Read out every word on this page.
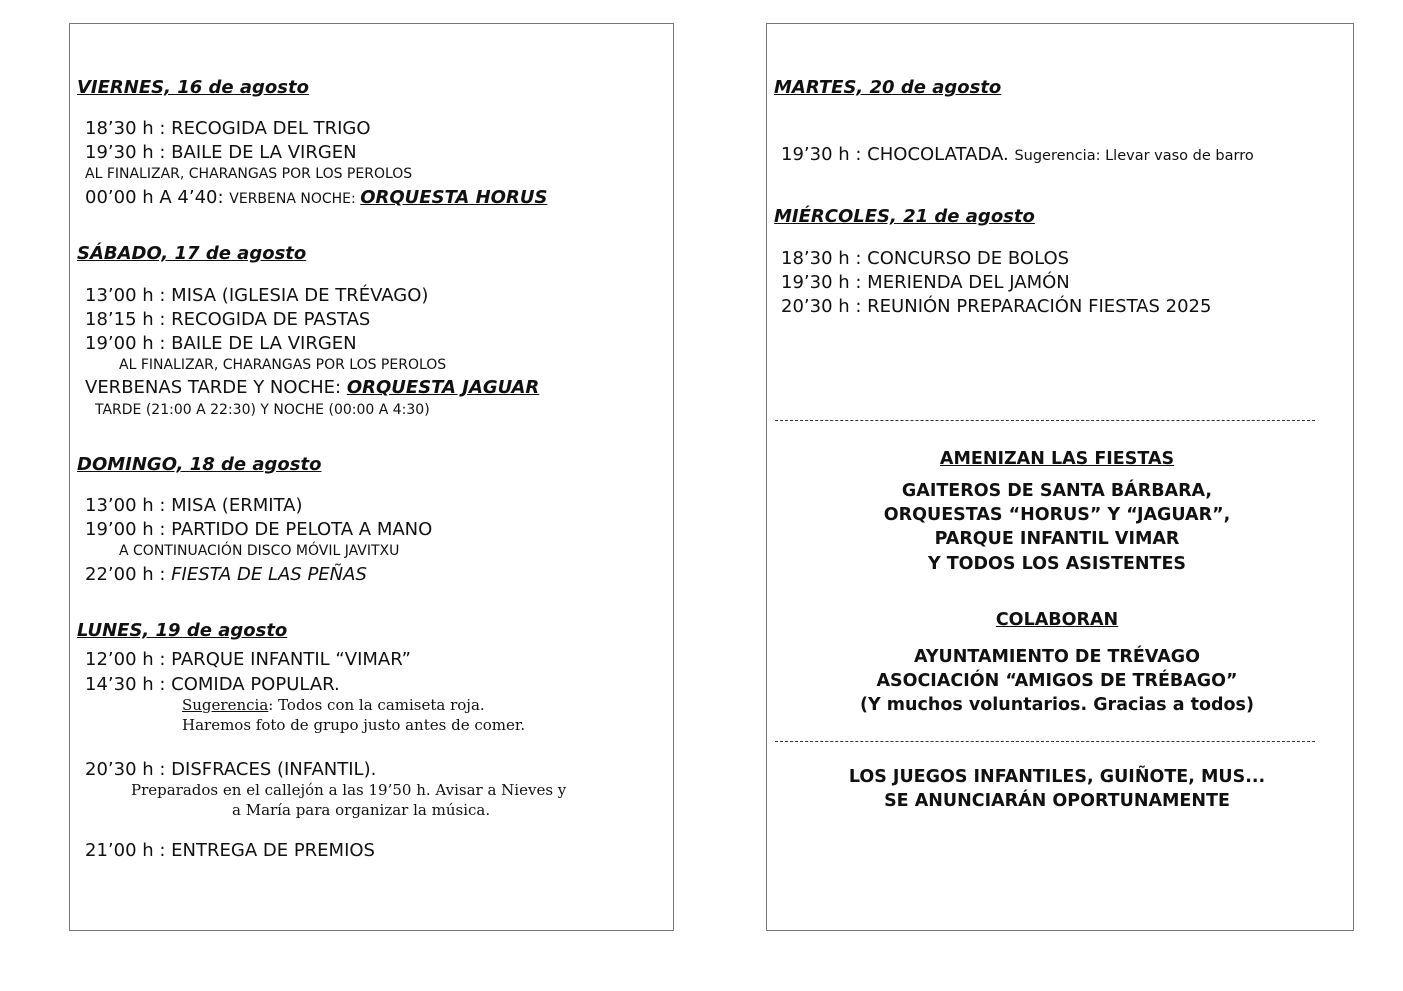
VIERNES, 16 de agosto
18’30 h : RECOGIDA DEL TRIGO
19’30 h : BAILE DE LA VIRGEN
AL FINALIZAR, CHARANGAS POR LOS PEROLOS
00’00 h A 4’40: VERBENA NOCHE: ORQUESTA HORUS
SÁBADO, 17 de agosto
13’00 h : MISA (IGLESIA DE TRÉVAGO)
18’15 h : RECOGIDA DE PASTAS
19’00 h : BAILE DE LA VIRGEN
AL FINALIZAR, CHARANGAS POR LOS PEROLOS
VERBENAS TARDE Y NOCHE: ORQUESTA JAGUAR
TARDE (21:00 A 22:30) Y NOCHE (00:00 A 4:30)
DOMINGO, 18 de agosto
13’00 h : MISA (ERMITA)
19’00 h : PARTIDO DE PELOTA A MANO
A CONTINUACIÓN DISCO MÓVIL JAVITXU
22’00 h : FIESTA DE LAS PEÑAS
LUNES, 19 de agosto
12’00 h : PARQUE INFANTIL “VIMAR”
14’30 h : COMIDA POPULAR.
Sugerencia: Todos con la camiseta roja.
Haremos foto de grupo justo antes de comer.
20’30 h : DISFRACES (INFANTIL).
Preparados en el callejón a las 19’50 h. Avisar a Nieves y
a María para organizar la música.
21’00 h : ENTREGA DE PREMIOS
MARTES, 20 de agosto
19’30 h : CHOCOLATADA. Sugerencia: Llevar vaso de barro
MIÉRCOLES, 21 de agosto
18’30 h : CONCURSO DE BOLOS
19’30 h : MERIENDA DEL JAMÓN
20’30 h : REUNIÓN PREPARACIÓN FIESTAS 2025
AMENIZAN LAS FIESTAS
GAITEROS DE SANTA BÁRBARA,
ORQUESTAS “HORUS” Y “JAGUAR”,
PARQUE INFANTIL VIMAR
Y TODOS LOS ASISTENTES
COLABORAN
AYUNTAMIENTO DE TRÉVAGO
ASOCIACIÓN “AMIGOS DE TRÉBAGO”
(Y muchos voluntarios. Gracias a todos)
LOS JUEGOS INFANTILES, GUIÑOTE, MUS...
SE ANUNCIARÁN OPORTUNAMENTE
